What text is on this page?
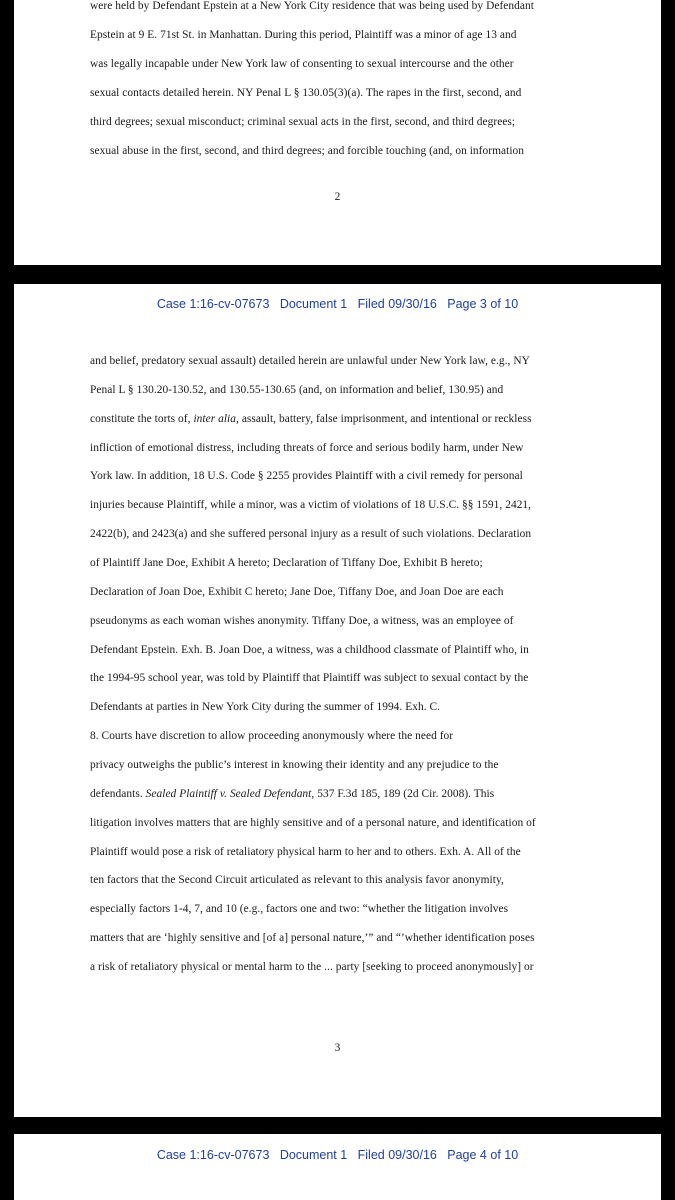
were held by Defendant Epstein at a New York City residence that was being used by Defendant
Epstein at 9 E. 71st St. in Manhattan. During this period, Plaintiff was a minor of age 13 and
was legally incapable under New York law of consenting to sexual intercourse and the other
sexual contacts detailed herein. NY Penal L § 130.05(3)(a). The rapes in the first, second, and
third degrees; sexual misconduct; criminal sexual acts in the first, second, and third degrees;
sexual abuse in the first, second, and third degrees; and forcible touching (and, on information
2
Case 1:16-cv-07673   Document 1   Filed 09/30/16   Page 3 of 10
and belief, predatory sexual assault) detailed herein are unlawful under New York law, e.g., NY
Penal L § 130.20-130.52, and 130.55-130.65 (and, on information and belief, 130.95) and
constitute the torts of, inter alia, assault, battery, false imprisonment, and intentional or reckless
infliction of emotional distress, including threats of force and serious bodily harm, under New
York law. In addition, 18 U.S. Code § 2255 provides Plaintiff with a civil remedy for personal
injuries because Plaintiff, while a minor, was a victim of violations of 18 U.S.C. §§ 1591, 2421,
2422(b), and 2423(a) and she suffered personal injury as a result of such violations. Declaration
of Plaintiff Jane Doe, Exhibit A hereto; Declaration of Tiffany Doe, Exhibit B hereto;
Declaration of Joan Doe, Exhibit C hereto; Jane Doe, Tiffany Doe, and Joan Doe are each
pseudonyms as each woman wishes anonymity. Tiffany Doe, a witness, was an employee of
Defendant Epstein. Exh. B. Joan Doe, a witness, was a childhood classmate of Plaintiff who, in
the 1994-95 school year, was told by Plaintiff that Plaintiff was subject to sexual contact by the
Defendants at parties in New York City during the summer of 1994. Exh. C.
8. Courts have discretion to allow proceeding anonymously where the need for
privacy outweighs the public’s interest in knowing their identity and any prejudice to the
defendants. Sealed Plaintiff v. Sealed Defendant, 537 F.3d 185, 189 (2d Cir. 2008). This
litigation involves matters that are highly sensitive and of a personal nature, and identification of
Plaintiff would pose a risk of retaliatory physical harm to her and to others. Exh. A. All of the
ten factors that the Second Circuit articulated as relevant to this analysis favor anonymity,
especially factors 1-4, 7, and 10 (e.g., factors one and two: “whether the litigation involves
matters that are ‘highly sensitive and [of a] personal nature,’” and “’whether identification poses
a risk of retaliatory physical or mental harm to the ... party [seeking to proceed anonymously] or
3
Case 1:16-cv-07673   Document 1   Filed 09/30/16   Page 4 of 10
